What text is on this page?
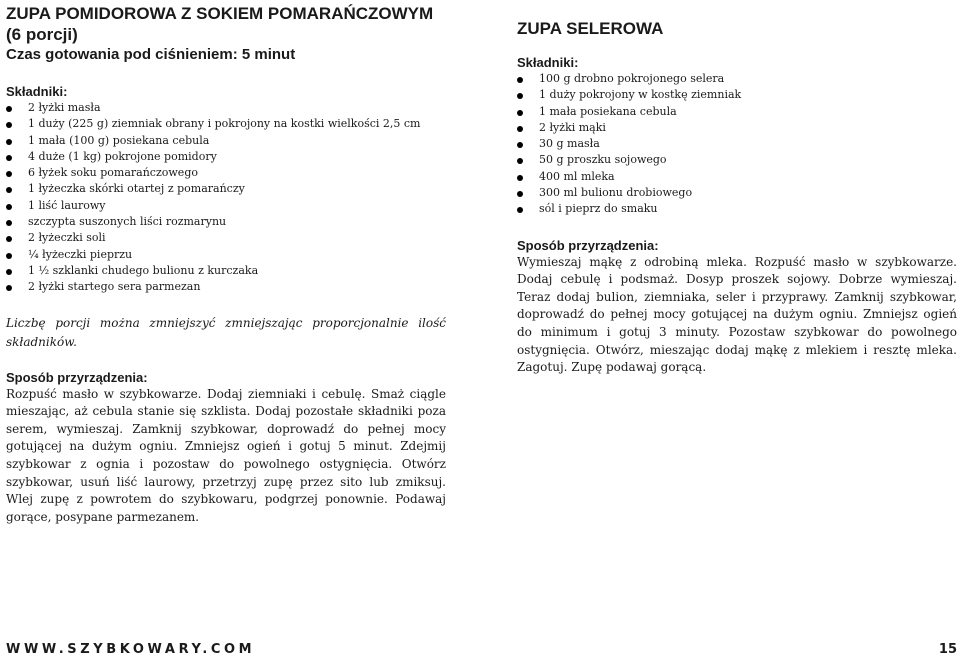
ZUPA POMIDOROWA Z SOKIEM POMARAŃCZOWYM

(6 porcji)

Czas gotowania pod ciśnieniem: 5 minut

Składniki:

2 łyżki masła
1 duży (225 g) ziemniak obrany i pokrojony na kostki wielkości 2,5 cm
1 mała (100 g) posiekana cebula
4 duże (1 kg) pokrojone pomidory
6 łyżek soku pomarańczowego
1 łyżeczka skórki otartej z pomarańczy
1 liść laurowy
szczypta suszonych liści rozmarynu
2 łyżeczki soli
¼ łyżeczki pieprzu
1 ½ szklanki chudego bulionu z kurczaka
2 łyżki startego sera parmezan

Liczbę porcji można zmniejszyć zmniejszając proporcjonalnie ilość składników.

Sposób przyrządzenia:

Rozpuść masło w szybkowarze. Dodaj ziemniaki i cebulę. Smaż ciągle mieszając, aż cebula stanie się szklista. Dodaj pozostałe składniki poza serem, wymieszaj. Zamknij szybkowar, doprowadź do pełnej mocy gotującej na dużym ogniu. Zmniejsz ogień i gotuj 5 minut. Zdejmij szybkowar z ognia i pozostaw do powolnego ostygnięcia. Otwórz szybkowar, usuń liść laurowy, przetrzyj zupę przez sito lub zmiksuj. Wlej zupę z powrotem do szybkowaru, podgrzej ponownie. Podawaj gorące, posypane parmezanem.

ZUPA SELEROWA

Składniki:

100 g drobno pokrojonego selera
1 duży pokrojony w kostkę ziemniak
1 mała posiekana cebula
2 łyżki mąki
30 g masła
50 g proszku sojowego
400 ml mleka
300 ml bulionu drobiowego
sól i pieprz do smaku

Sposób przyrządzenia:

Wymieszaj mąkę z odrobiną mleka. Rozpuść masło w szybkowarze. Dodaj cebulę i podsmaż. Dosyp proszek sojowy. Dobrze wymieszaj. Teraz dodaj bulion, ziemniaka, seler i przyprawy. Zamknij szybkowar, doprowadź do pełnej mocy gotującej na dużym ogniu. Zmniejsz ogień do minimum i gotuj 3 minuty. Pozostaw szybkowar do powolnego ostygnięcia. Otwórz, mieszając dodaj mąkę z mlekiem i resztę mleka. Zagotuj. Zupę podawaj gorącą.

WWW.SZYBKOWARY.COM	15
